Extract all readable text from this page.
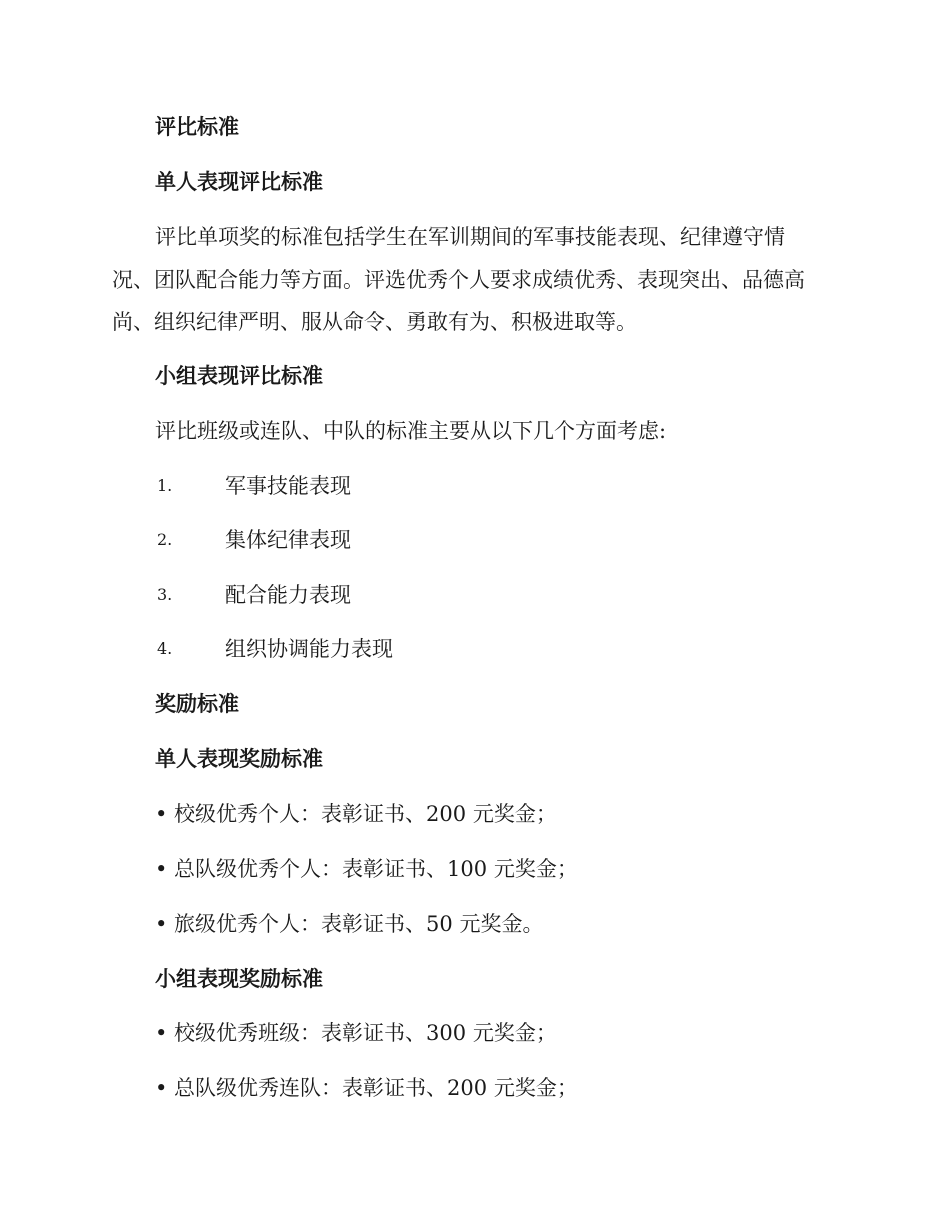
评比标准
单人表现评比标准
评比单项奖的标准包括学生在军训期间的军事技能表现、纪律遵守情
况、团队配合能力等方面。评选优秀个人要求成绩优秀、表现突出、品德高
尚、组织纪律严明、服从命令、勇敢有为、积极进取等。
小组表现评比标准
评比班级或连队、中队的标准主要从以下几个方面考虑:
1.	军事技能表现
2.	集体纪律表现
3.	配合能力表现
4.	组织协调能力表现
奖励标准
单人表现奖励标准
• 校级优秀个人：表彰证书、200 元奖金；
• 总队级优秀个人：表彰证书、100 元奖金；
• 旅级优秀个人：表彰证书、50 元奖金。
小组表现奖励标准
• 校级优秀班级：表彰证书、300 元奖金；
• 总队级优秀连队：表彰证书、200 元奖金；
